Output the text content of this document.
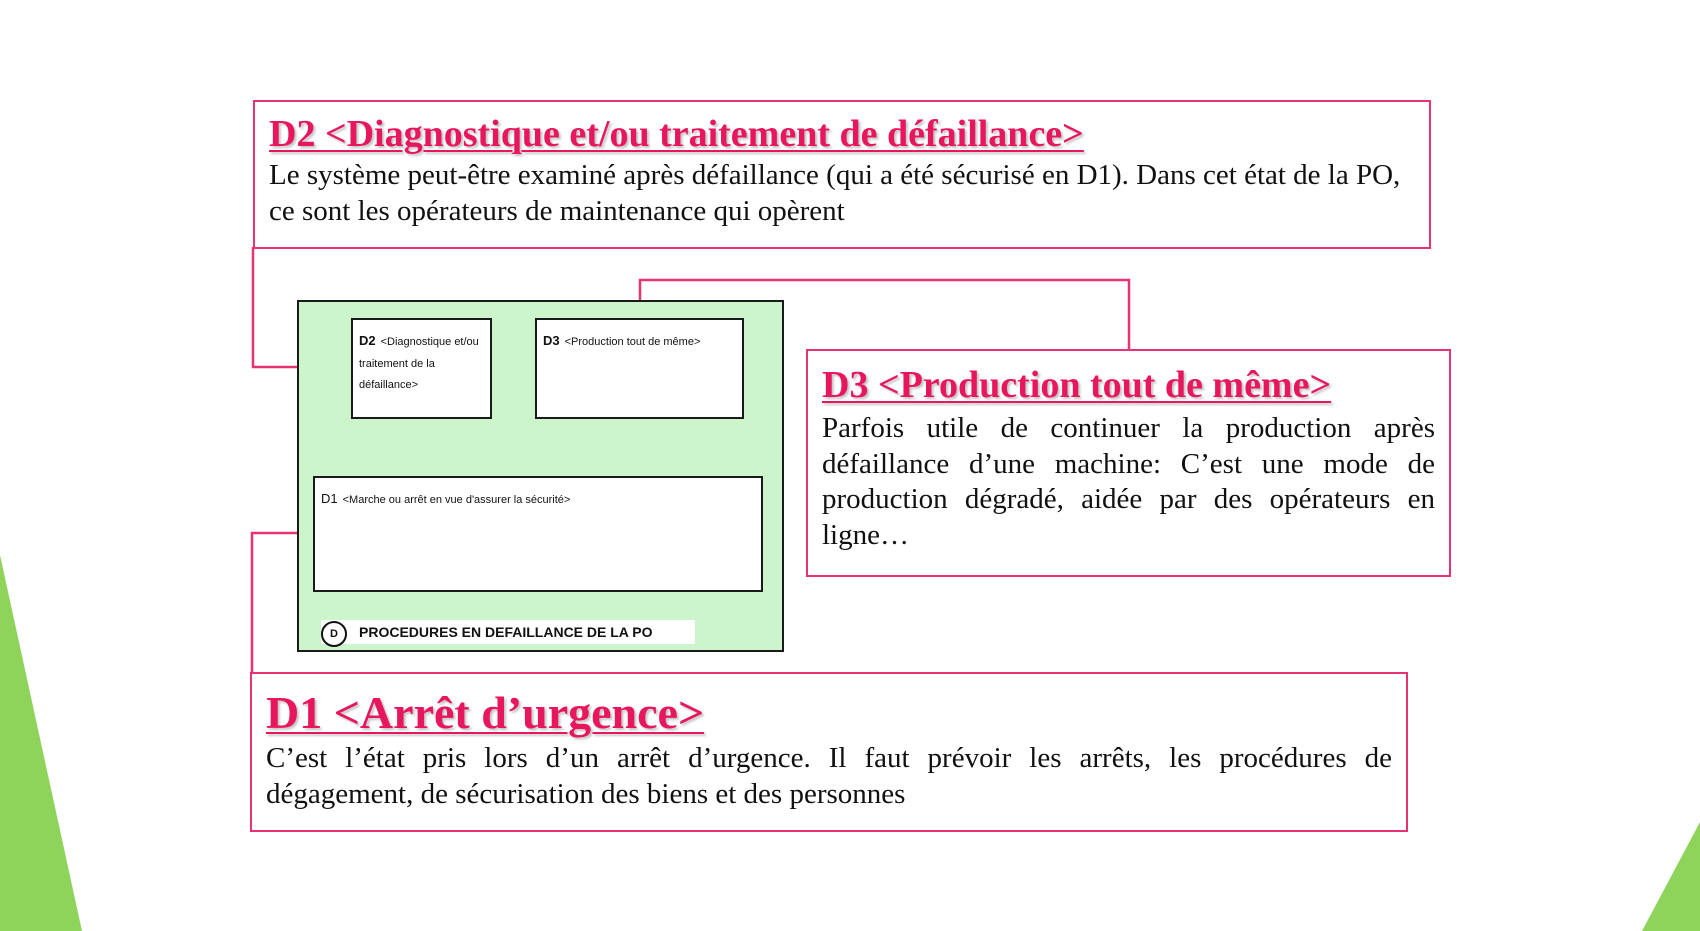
D2 <Diagnostique et/ou traitement de défaillance>
Le système peut-être examiné après défaillance (qui a été sécurisé en D1). Dans cet état de la PO, ce sont les opérateurs de maintenance qui opèrent
D2 <Diagnostique et/ou traitement de la défaillance>
D3 <Production tout de même>
D1 <Marche ou arrêt en vue d'assurer la sécurité>
D	PROCEDURES EN DEFAILLANCE DE LA PO
D3 <Production tout de même>
Parfois utile de continuer la production après défaillance d’une machine: C’est une mode de production dégradé, aidée par des opérateurs en ligne…
D1 <Arrêt d’urgence>
C’est l’état pris lors d’un arrêt d’urgence. Il faut prévoir les arrêts, les procédures de dégagement, de sécurisation des biens et des personnes
